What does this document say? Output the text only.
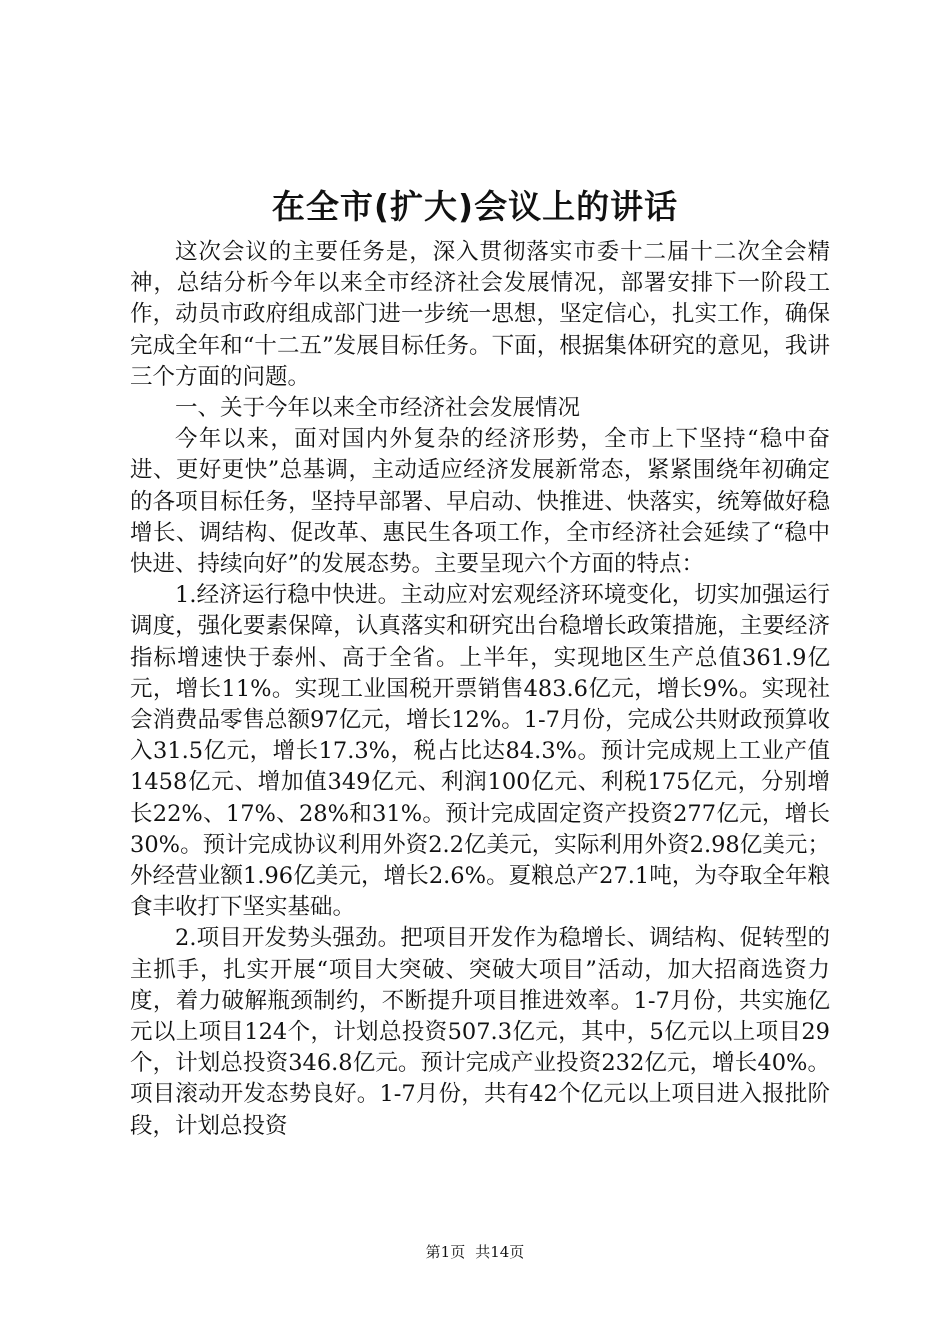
在全市(扩大)会议上的讲话

这次会议的主要任务是，深入贯彻落实市委十二届十二次全会精神，总结分析今年以来全市经济社会发展情况，部署安排下一阶段工作，动员市政府组成部门进一步统一思想，坚定信心，扎实工作，确保完成全年和“十二五”发展目标任务。下面，根据集体研究的意见，我讲三个方面的问题。

一、关于今年以来全市经济社会发展情况

今年以来，面对国内外复杂的经济形势，全市上下坚持“稳中奋进、更好更快”总基调，主动适应经济发展新常态，紧紧围绕年初确定的各项目标任务，坚持早部署、早启动、快推进、快落实，统筹做好稳增长、调结构、促改革、惠民生各项工作，全市经济社会延续了“稳中快进、持续向好”的发展态势。主要呈现六个方面的特点：

1.经济运行稳中快进。主动应对宏观经济环境变化，切实加强运行调度，强化要素保障，认真落实和研究出台稳增长政策措施，主要经济指标增速快于泰州、高于全省。上半年，实现地区生产总值361.9亿元，增长11%。实现工业国税开票销售483.6亿元，增长9%。实现社会消费品零售总额97亿元，增长12%。1-7月份，完成公共财政预算收入31.5亿元，增长17.3%，税占比达84.3%。预计完成规上工业产值1458亿元、增加值349亿元、利润100亿元、利税175亿元，分别增长22%、17%、28%和31%。预计完成固定资产投资277亿元，增长30%。预计完成协议利用外资2.2亿美元，实际利用外资2.98亿美元；外经营业额1.96亿美元，增长2.6%。夏粮总产27.1吨，为夺取全年粮食丰收打下坚实基础。

2.项目开发势头强劲。把项目开发作为稳增长、调结构、促转型的主抓手，扎实开展“项目大突破、突破大项目”活动，加大招商选资力度，着力破解瓶颈制约，不断提升项目推进效率。1-7月份，共实施亿元以上项目124个，计划总投资507.3亿元，其中，5亿元以上项目29个，计划总投资346.8亿元。预计完成产业投资232亿元，增长40%。项目滚动开发态势良好。1-7月份，共有42个亿元以上项目进入报批阶段，计划总投资

第1页 共14页
